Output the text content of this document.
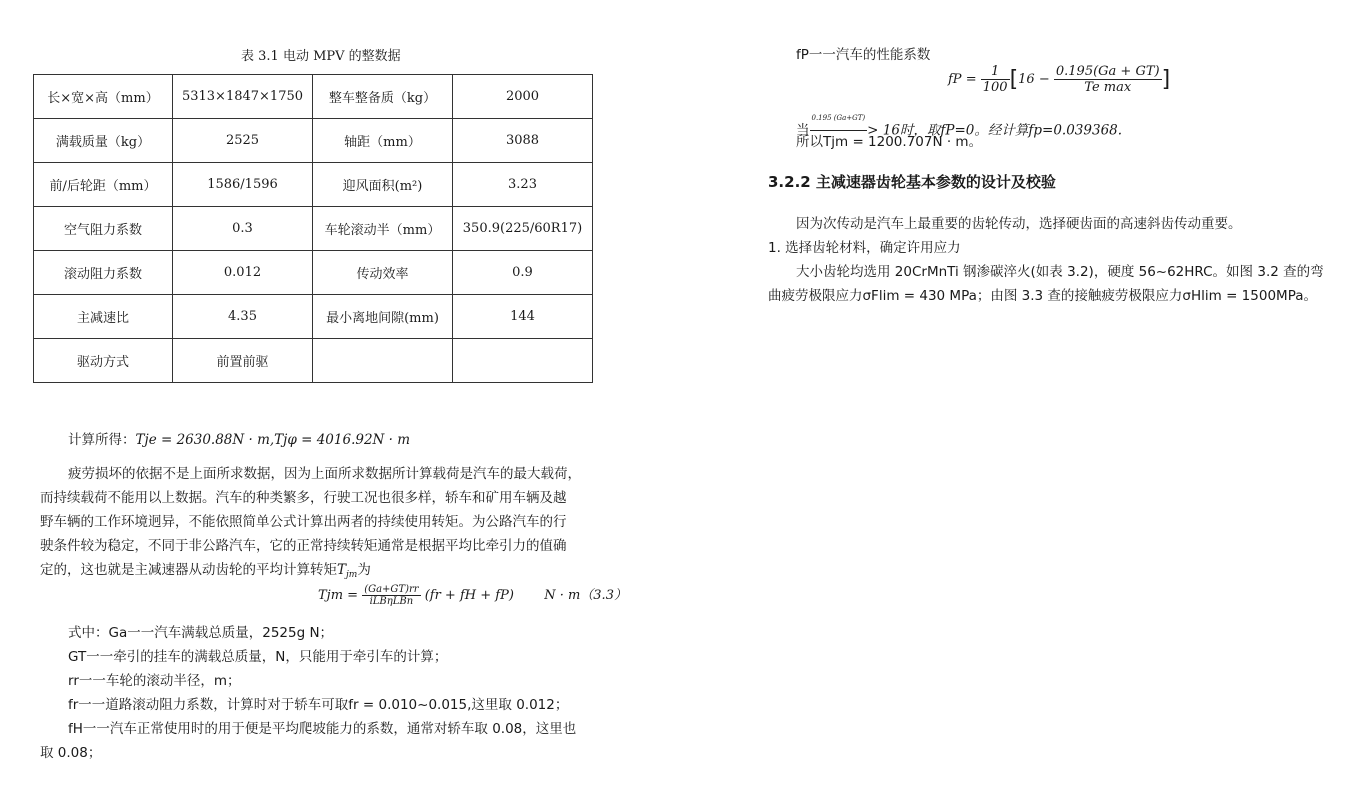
表 3.1 电动 MPV 的整数据
长×宽×高（mm）	5313×1847×1750	整车整备质（kg）	2000
满载质量（kg）	2525	轴距（mm）	3088
前/后轮距（mm）	1586/1596	迎风面积(m²)	3.23
空气阻力系数	0.3	车轮滚动半（mm）	350.9(225/60R17)
滚动阻力系数	0.012	传动效率	0.9
主减速比	4.35	最小离地间隙(mm)	144
驱动方式	前置前驱		
计算所得：Tje = 2630.88N · m,Tjφ = 4016.92N · m
疲劳损坏的依据不是上面所求数据，因为上面所求数据所计算载荷是汽车的最大载荷，
而持续载荷不能用以上数据。汽车的种类繁多，行驶工况也很多样，轿车和矿用车辆及越
野车辆的工作环境迥异，不能依照简单公式计算出两者的持续使用转矩。为公路汽车的行
驶条件较为稳定，不同于非公路汽车，它的正常持续转矩通常是根据平均比牵引力的值确
定的，这也就是主减速器从动齿轮的平均计算转矩$T_{jm}$为
Tjm = $\frac{(Ga+GT)rr}{\text{iLBηLBn}} (fr$ + fH + fP) N · m（3.3）
式中：Ga一一汽车满载总质量，2525g N；
GT一一牵引的挂车的满载总质量，N，只能用于牵引车的计算；
rr一一车轮的滚动半径，m；
fr一一道路滚动阻力系数，计算时对于轿车可取fr = 0.010~0.015,这里取 0.012；
fH一一汽车正常使用时的用于便是平均爬坡能力的系数，通常对轿车取 0.08，这里也
取 0.08；
fP一一汽车的性能系数
fP = $\frac{1}{100} [16 - \frac{0.195(Ga + GT)}{\text{Te max}}$ ]
当
0.195 (Ga+GT)

> 16时，取fP=0。经计算fp=0.039368.
所以Tjm = 1200.707N · m。
3.2.2 主减速器齿轮基本参数的设计及校验
因为次传动是汽车上最重要的齿轮传动，选择硬齿面的高速斜齿传动重要。
1. 选择齿轮材料，确定许用应力
大小齿轮均选用 20CrMnTi 钢渗碳淬火(如表 3.2)，硬度 56~62HRC。如图 3.2 查的弯
曲疲劳极限应力σFlim = 430 MPa；由图 3.3 查的接触疲劳极限应力σHlim = 1500MPa。
